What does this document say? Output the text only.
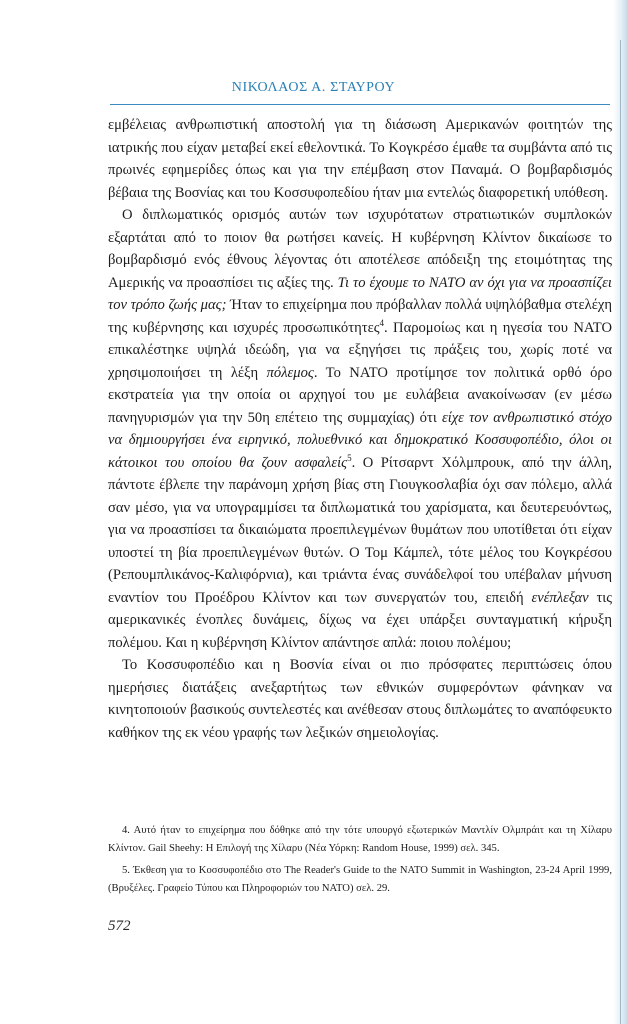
ΝΙΚΟΛΑΟΣ Α. ΣΤΑΥΡΟΥ

εμβέλειας ανθρωπιστική αποστολή για τη διάσωση Αμερικανών φοιτητών της ιατρικής που είχαν μεταβεί εκεί εθελοντικά. Το Κογκρέσο έμαθε τα συμβάντα από τις πρωινές εφημερίδες όπως και για την επέμβαση στον Παναμά. Ο βομβαρδισμός βέβαια της Βοσνίας και του Κοσσυφοπεδίου ήταν μια εντελώς διαφορετική υπόθεση.

Ο διπλωματικός ορισμός αυτών των ισχυρότατων στρατιωτικών συμπλοκών εξαρτάται από το ποιον θα ρωτήσει κανείς. Η κυβέρνηση Κλίντον δικαίωσε το βομβαρδισμό ενός έθνους λέγοντας ότι αποτέλεσε απόδειξη της ετοιμότητας της Αμερικής να προασπίσει τις αξίες της. Τι το έχουμε το ΝΑΤΟ αν όχι για να προασπίζει τον τρόπο ζωής μας; Ήταν το επιχείρημα που πρόβαλλαν πολλά υψηλόβαθμα στελέχη της κυβέρνησης και ισχυρές προσωπικότητες$^4$. Παρομοίως και η ηγεσία του ΝΑΤΟ επικαλέστηκε υψηλά ιδεώδη, για να εξηγήσει τις πράξεις του, χωρίς ποτέ να χρησιμοποιήσει τη λέξη πόλεμος. Το ΝΑΤΟ προτίμησε τον πολιτικά ορθό όρο εκστρατεία για την οποία οι αρχηγοί του με ευλάβεια ανακοίνωσαν (εν μέσω πανηγυρισμών για την 50η επέτειο της συμμαχίας) ότι είχε τον ανθρωπιστικό στόχο να δημιουργήσει ένα ειρηνικό, πολυεθνικό και δημοκρατικό Κοσσυφοπέδιο, όλοι οι κάτοικοι του οποίου θα ζουν ασφαλείς$^5$. Ο Ρίτσαρντ Χόλμπρουκ, από την άλλη, πάντοτε έβλεπε την παράνομη χρήση βίας στη Γιουγκοσλαβία όχι σαν πόλεμο, αλλά σαν μέσο, για να υπογραμμίσει τα διπλωματικά του χαρίσματα, και δευτερευόντως, για να προασπίσει τα δικαιώματα προεπιλεγμένων θυμάτων που υποτίθεται ότι είχαν υποστεί τη βία προεπιλεγμένων θυτών. Ο Τομ Κάμπελ, τότε μέλος του Κογκρέσου (Ρεπουμπλικάνος-Καλιφόρνια), και τριάντα ένας συνάδελφοί του υπέβαλαν μήνυση εναντίον του Προέδρου Κλίντον και των συνεργατών του, επειδή ενέπλεξαν τις αμερικανικές ένοπλες δυνάμεις, δίχως να έχει υπάρξει συνταγματική κήρυξη πολέμου. Και η κυβέρνηση Κλίντον απάντησε απλά: ποιου πολέμου;

Το Κοσσυφοπέδιο και η Βοσνία είναι οι πιο πρόσφατες περιπτώσεις όπου ημερήσιες διατάξεις ανεξαρτήτως των εθνικών συμφερόντων φάνηκαν να κινητοποιούν βασικούς συντελεστές και ανέθεσαν στους διπλωμάτες το αναπόφευκτο καθήκον της εκ νέου γραφής των λεξικών σημειολογίας.

4. Αυτό ήταν το επιχείρημα που δόθηκε από την τότε υπουργό εξωτερικών Μαντλίν Ολμπράιτ και τη Χίλαρυ Κλίντον. Gail Sheehy: Η Επιλογή της Χίλαρυ (Νέα Υόρκη: Random House, 1999) σελ. 345.

5. Έκθεση για το Κοσσυφοπέδιο στο The Reader's Guide to the NATO Summit in Washington, 23-24 April 1999, (Βρυξέλες. Γραφείο Τύπου και Πληροφοριών του ΝΑΤΟ) σελ. 29.

572
